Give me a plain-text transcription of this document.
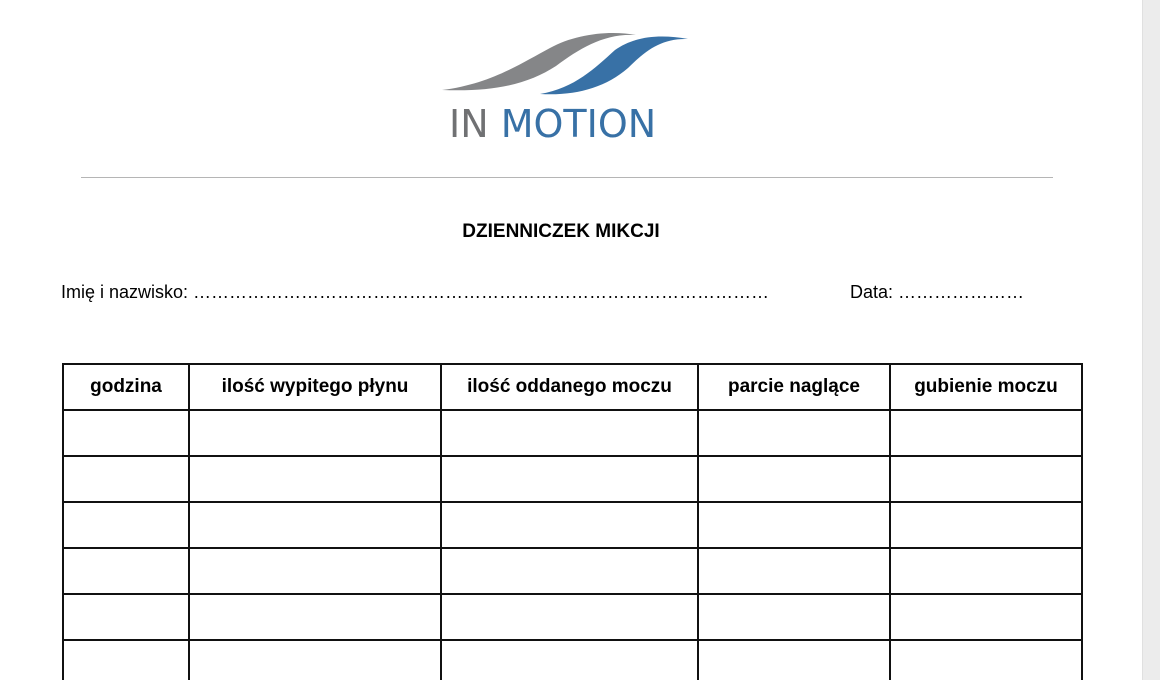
IN MOTION
DZIENNICZEK MIKCJI
Imię i nazwisko: ……………………………………………………………………………………	Data: …………………
godzina	ilość wypitego płynu	ilość oddanego moczu	parcie naglące	gubienie moczu
